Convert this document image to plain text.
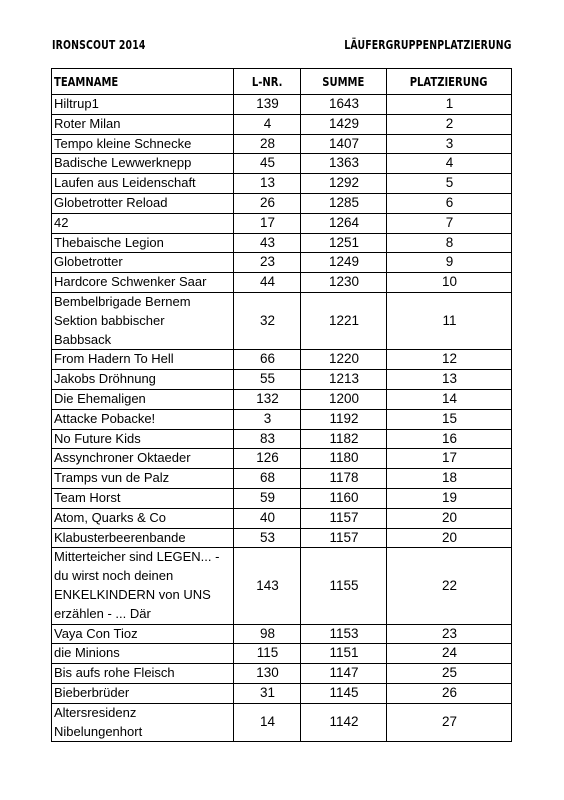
IRONSCOUT 2014	LÄUFERGRUPPENPLATZIERUNG
TEAMNAME	L-NR.	SUMME	PLATZIERUNG

Hiltrup1	139	1643	1

Roter Milan	4	1429	2

Tempo kleine Schnecke	28	1407	3

Badische Lewwerknepp	45	1363	4

Laufen aus Leidenschaft	13	1292	5

Globetrotter Reload	26	1285	6

42	17	1264	7

Thebaische Legion	43	1251	8

Globetrotter	23	1249	9

Hardcore Schwenker Saar	44	1230	10

Bembelbrigade Bernem
Sektion babbischer
Babbsack	32	1221	11

From Hadern To Hell	66	1220	12

Jakobs Dröhnung	55	1213	13

Die Ehemaligen	132	1200	14

Attacke Pobacke!	3	1192	15

No Future Kids	83	1182	16

Assynchroner Oktaeder	126	1180	17

Tramps vun de Palz	68	1178	18

Team Horst	59	1160	19

Atom, Quarks & Co	40	1157	20

Klabusterbeerenbande	53	1157	20

Mitterteicher sind LEGEN... -
du wirst noch deinen
ENKELKINDERN von UNS
erzählen - ... Där	143	1155	22

Vaya Con Tioz	98	1153	23

die Minions	115	1151	24

Bis aufs rohe Fleisch	130	1147	25

Bieberbrüder	31	1145	26

Altersresidenz
Nibelungenhort	14	1142	27
